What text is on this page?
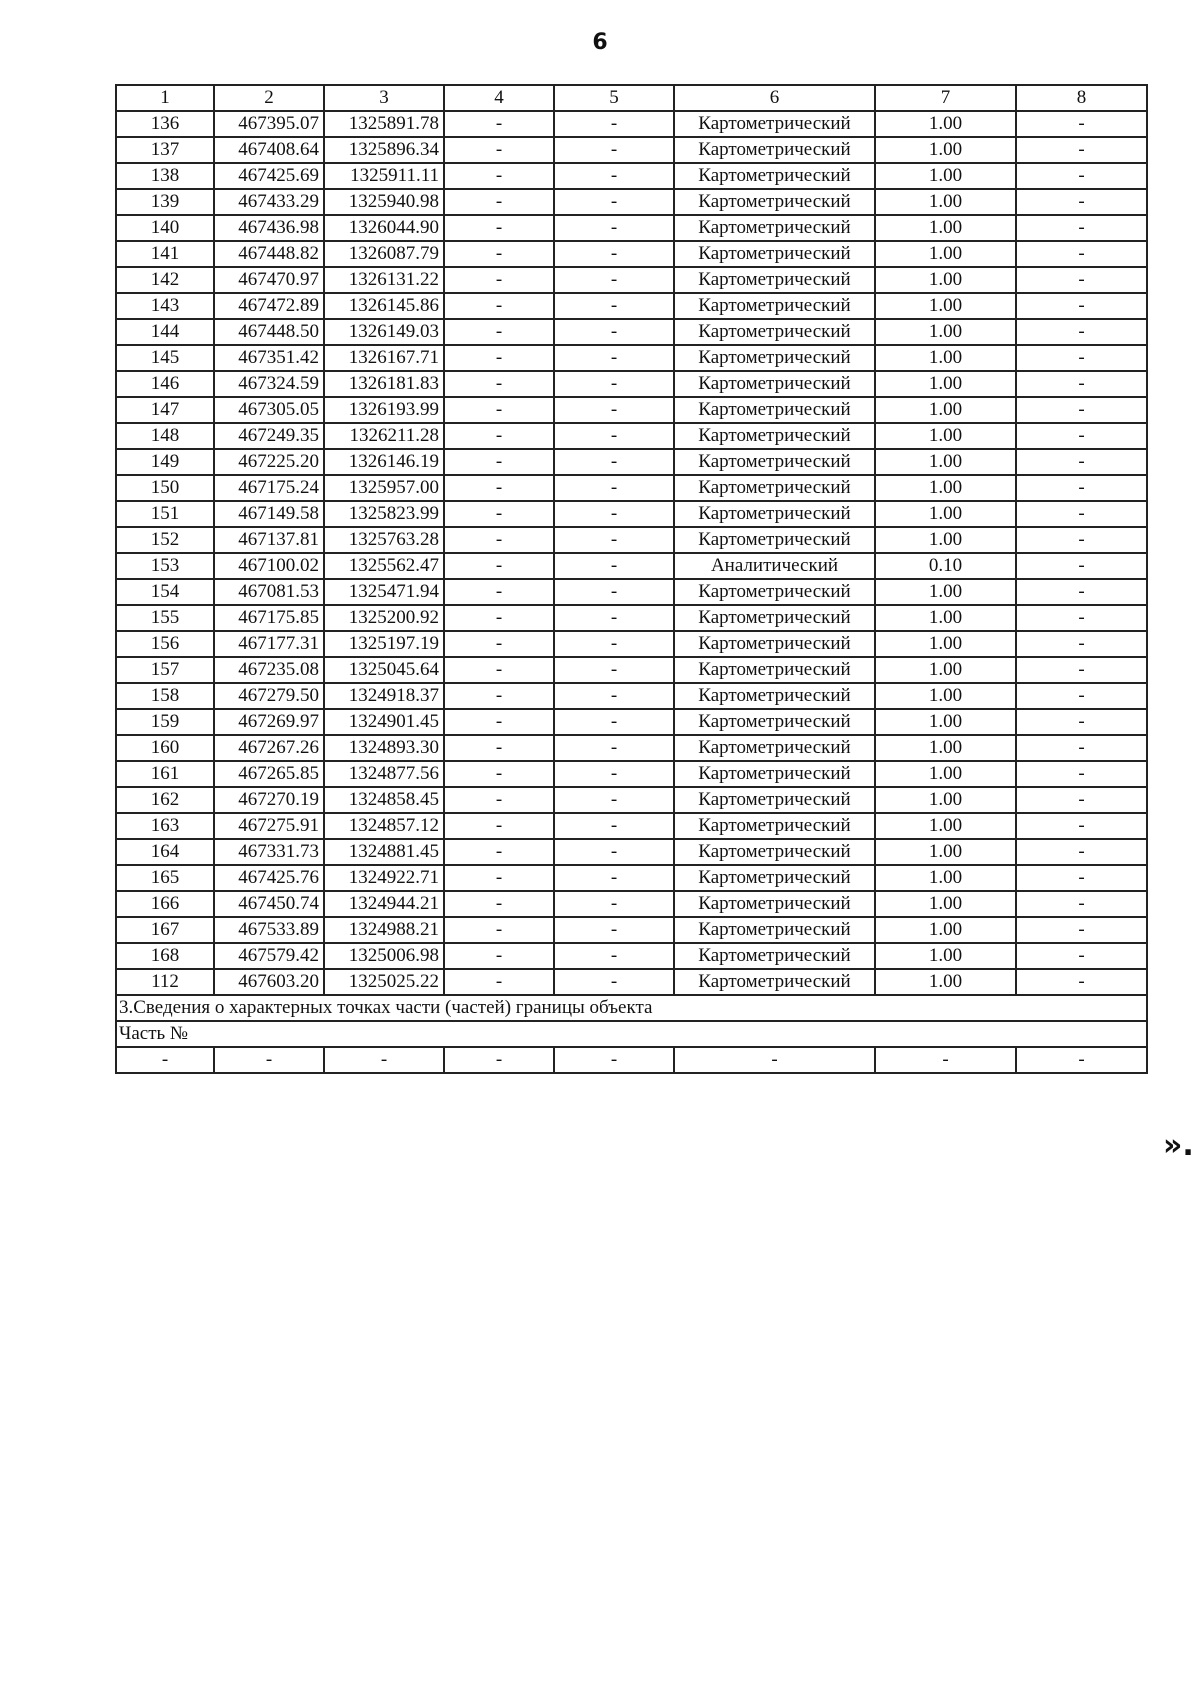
6
1	2	3	4	5	6	7	8
136	467395.07	1325891.78	-	-	Картометрический	1.00	-
137	467408.64	1325896.34	-	-	Картометрический	1.00	-
138	467425.69	1325911.11	-	-	Картометрический	1.00	-
139	467433.29	1325940.98	-	-	Картометрический	1.00	-
140	467436.98	1326044.90	-	-	Картометрический	1.00	-
141	467448.82	1326087.79	-	-	Картометрический	1.00	-
142	467470.97	1326131.22	-	-	Картометрический	1.00	-
143	467472.89	1326145.86	-	-	Картометрический	1.00	-
144	467448.50	1326149.03	-	-	Картометрический	1.00	-
145	467351.42	1326167.71	-	-	Картометрический	1.00	-
146	467324.59	1326181.83	-	-	Картометрический	1.00	-
147	467305.05	1326193.99	-	-	Картометрический	1.00	-
148	467249.35	1326211.28	-	-	Картометрический	1.00	-
149	467225.20	1326146.19	-	-	Картометрический	1.00	-
150	467175.24	1325957.00	-	-	Картометрический	1.00	-
151	467149.58	1325823.99	-	-	Картометрический	1.00	-
152	467137.81	1325763.28	-	-	Картометрический	1.00	-
153	467100.02	1325562.47	-	-	Аналитический	0.10	-
154	467081.53	1325471.94	-	-	Картометрический	1.00	-
155	467175.85	1325200.92	-	-	Картометрический	1.00	-
156	467177.31	1325197.19	-	-	Картометрический	1.00	-
157	467235.08	1325045.64	-	-	Картометрический	1.00	-
158	467279.50	1324918.37	-	-	Картометрический	1.00	-
159	467269.97	1324901.45	-	-	Картометрический	1.00	-
160	467267.26	1324893.30	-	-	Картометрический	1.00	-
161	467265.85	1324877.56	-	-	Картометрический	1.00	-
162	467270.19	1324858.45	-	-	Картометрический	1.00	-
163	467275.91	1324857.12	-	-	Картометрический	1.00	-
164	467331.73	1324881.45	-	-	Картометрический	1.00	-
165	467425.76	1324922.71	-	-	Картометрический	1.00	-
166	467450.74	1324944.21	-	-	Картометрический	1.00	-
167	467533.89	1324988.21	-	-	Картометрический	1.00	-
168	467579.42	1325006.98	-	-	Картометрический	1.00	-
112	467603.20	1325025.22	-	-	Картометрический	1.00	-
3.Сведения о характерных точках части (частей) границы объекта							
Часть №							
-	-	-	-	-	-	-	-
».
